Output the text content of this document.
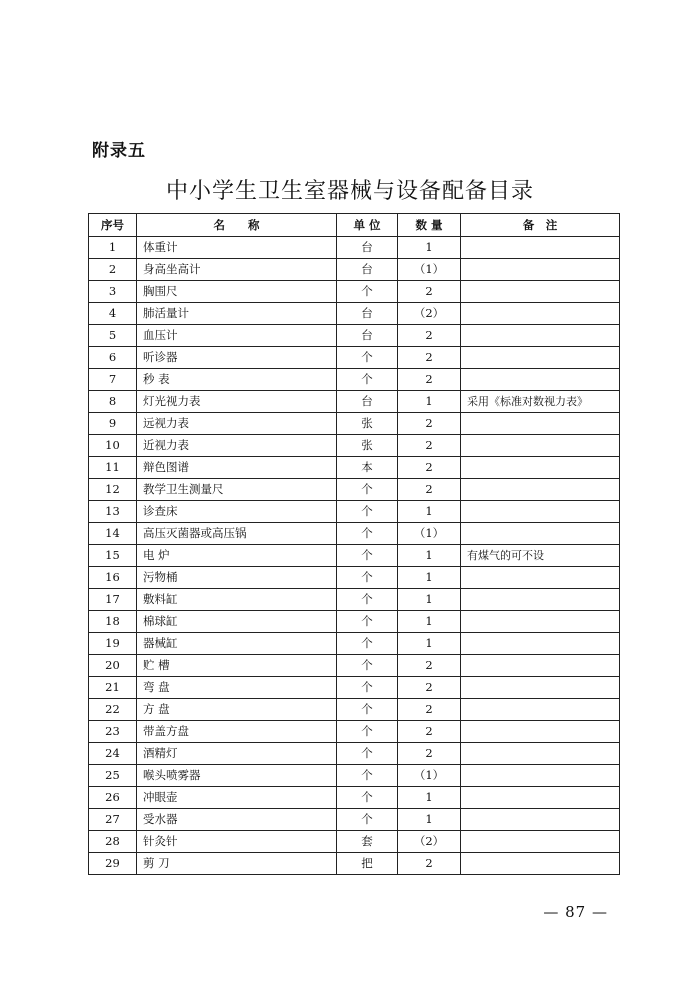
附录五
中小学生卫生室器械与设备配备目录
序号	名　　称	单 位	数 量	备　注
1	体重计	台	1	
2	身高坐高计	台	（1）	
3	胸围尺	个	2	
4	肺活量计	台	（2）	
5	血压计	台	2	
6	听诊器	个	2	
7	秒 表	个	2	
8	灯光视力表	台	1	采用《标准对数视力表》
9	远视力表	张	2	
10	近视力表	张	2	
11	辩色图谱	本	2	
12	教学卫生测量尺	个	2	
13	诊查床	个	1	
14	高压灭菌器或高压锅	个	（1）	
15	电 炉	个	1	有煤气的可不设
16	污物桶	个	1	
17	敷料缸	个	1	
18	棉球缸	个	1	
19	器械缸	个	1	
20	贮 槽	个	2	
21	弯 盘	个	2	
22	方 盘	个	2	
23	带盖方盘	个	2	
24	酒精灯	个	2	
25	喉头喷雾器	个	（1）	
26	冲眼壶	个	1	
27	受水器	个	1	
28	针灸针	套	（2）	
29	剪 刀	把	2	
— 87 —
